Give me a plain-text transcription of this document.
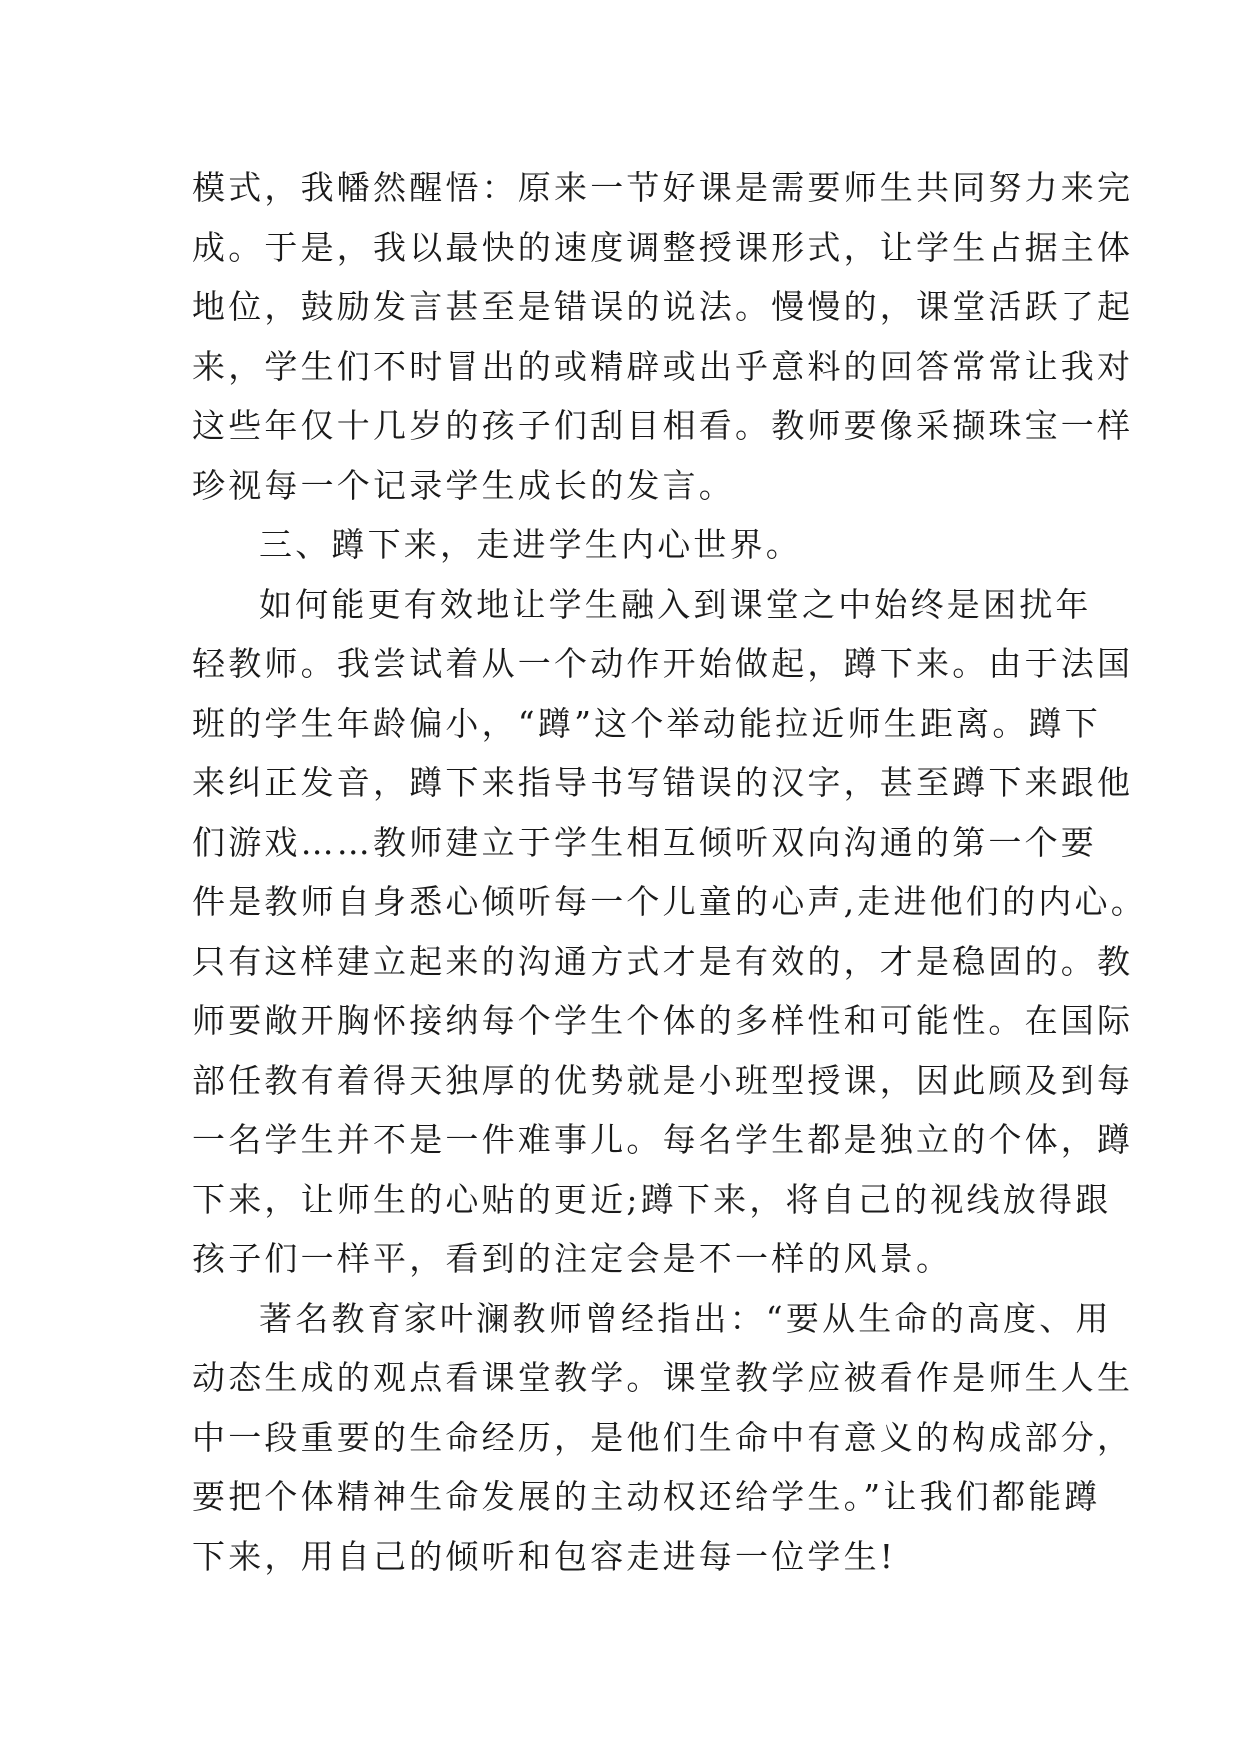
模式，我幡然醒悟：原来一节好课是需要师生共同努力来完
成。于是，我以最快的速度调整授课形式，让学生占据主体
地位，鼓励发言甚至是错误的说法。慢慢的，课堂活跃了起
来，学生们不时冒出的或精辟或出乎意料的回答常常让我对
这些年仅十几岁的孩子们刮目相看。教师要像采撷珠宝一样
珍视每一个记录学生成长的发言。
三、蹲下来，走进学生内心世界。
如何能更有效地让学生融入到课堂之中始终是困扰年
轻教师。我尝试着从一个动作开始做起，蹲下来。由于法国
班的学生年龄偏小，“蹲”这个举动能拉近师生距离。蹲下
来纠正发音，蹲下来指导书写错误的汉字，甚至蹲下来跟他
们游戏……教师建立于学生相互倾听双向沟通的第一个要
件是教师自身悉心倾听每一个儿童的心声,走进他们的内心。
只有这样建立起来的沟通方式才是有效的，才是稳固的。教
师要敞开胸怀接纳每个学生个体的多样性和可能性。在国际
部任教有着得天独厚的优势就是小班型授课，因此顾及到每
一名学生并不是一件难事儿。每名学生都是独立的个体，蹲
下来，让师生的心贴的更近;蹲下来，将自己的视线放得跟
孩子们一样平，看到的注定会是不一样的风景。
著名教育家叶澜教师曾经指出：“要从生命的高度、用
动态生成的观点看课堂教学。课堂教学应被看作是师生人生
中一段重要的生命经历，是他们生命中有意义的构成部分，
要把个体精神生命发展的主动权还给学生。”让我们都能蹲
下来，用自己的倾听和包容走进每一位学生!
